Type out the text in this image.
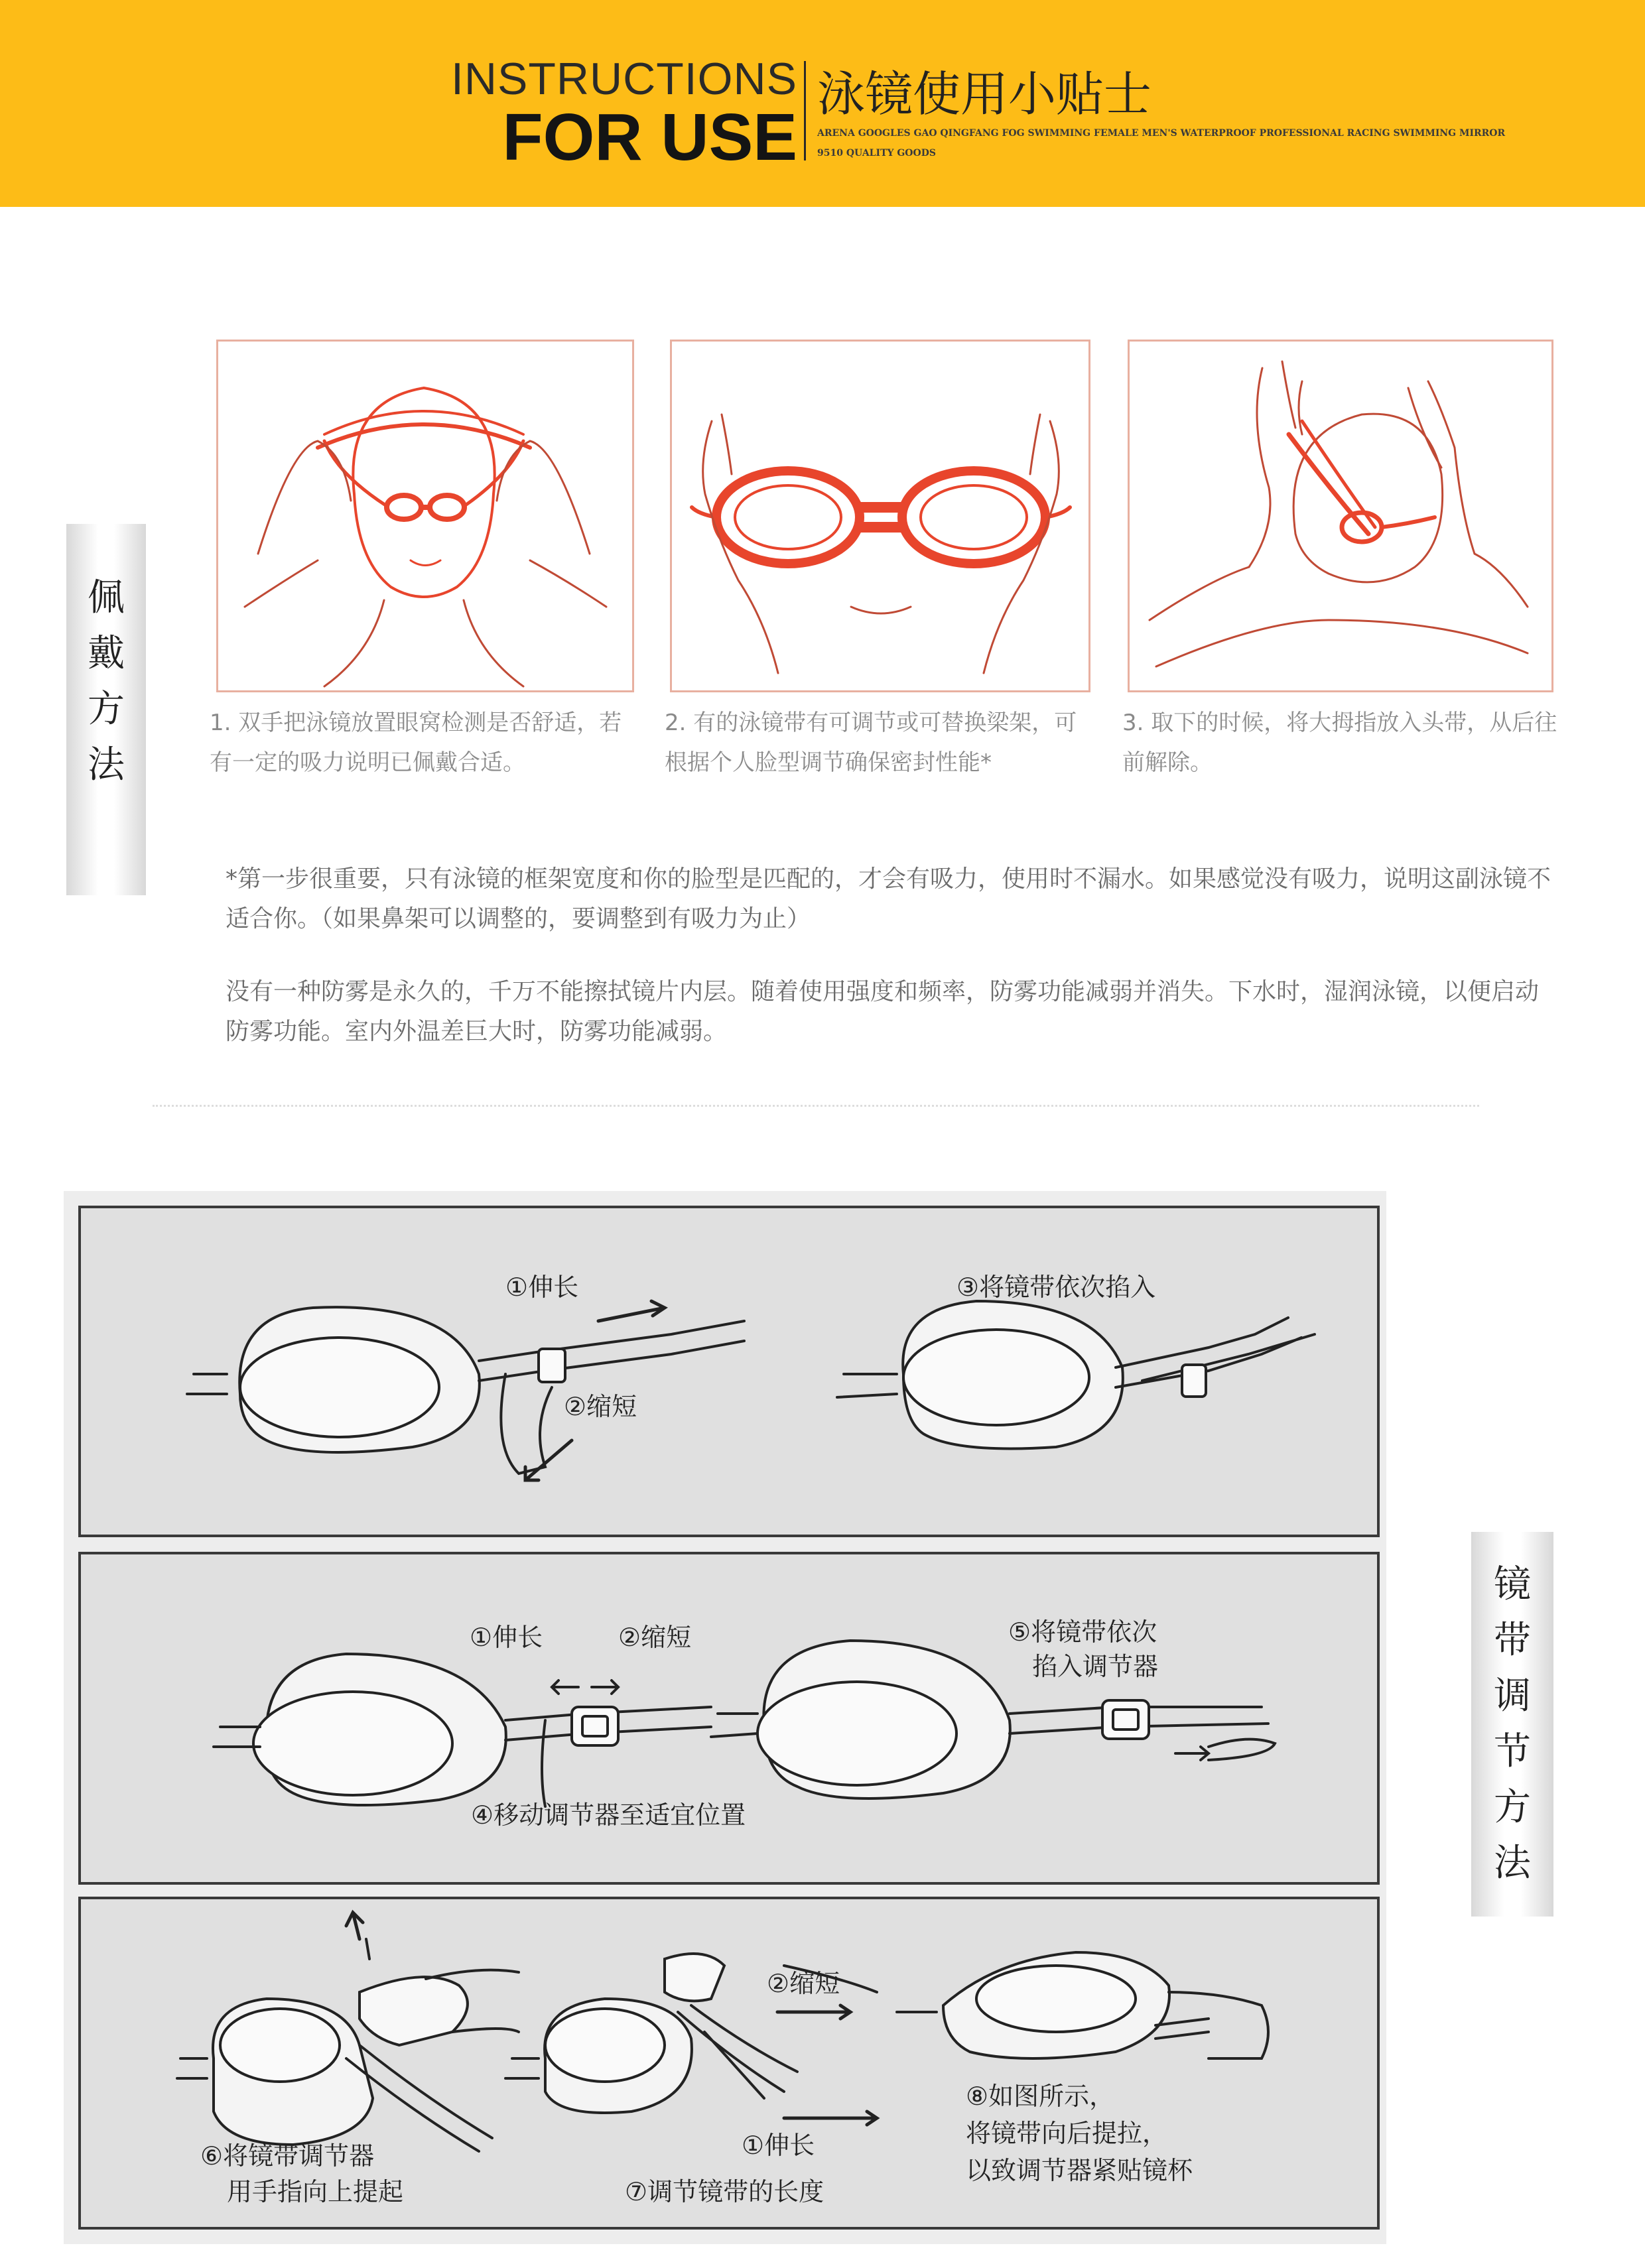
INSTRUCTIONS
FOR USE
泳镜使用小贴士
ARENA GOOGLES GAO QINGFANG FOG SWIMMING FEMALE MEN'S WATERPROOF PROFESSIONAL RACING SWIMMING MIRROR 9510 QUALITY GOODS
佩
戴
方
法
1. 双手把泳镜放置眼窝检测是否舒适，若有一定的吸力说明已佩戴合适。
2. 有的泳镜带有可调节或可替换梁架，可根据个人脸型调节确保密封性能*
3. 取下的时候，将大拇指放入头带，从后往前解除。
*第一步很重要，只有泳镜的框架宽度和你的脸型是匹配的，才会有吸力，使用时不漏水。如果感觉没有吸力，说明这副泳镜不适合你。（如果鼻架可以调整的，要调整到有吸力为止）
没有一种防雾是永久的，千万不能擦拭镜片内层。随着使用强度和频率，防雾功能减弱并消失。下水时，湿润泳镜，以便启动防雾功能。室内外温差巨大时，防雾功能减弱。
镜
带
调
节
方
法
①伸长
②缩短
③将镜带依次掐入
①伸长	②缩短
④移动调节器至适宜位置
⑤将镜带依次
掐入调节器
⑥将镜带调节器
用手指向上提起
②缩短
①伸长
⑦调节镜带的长度
⑧如图所示，
将镜带向后提拉，
以致调节器紧贴镜杯
